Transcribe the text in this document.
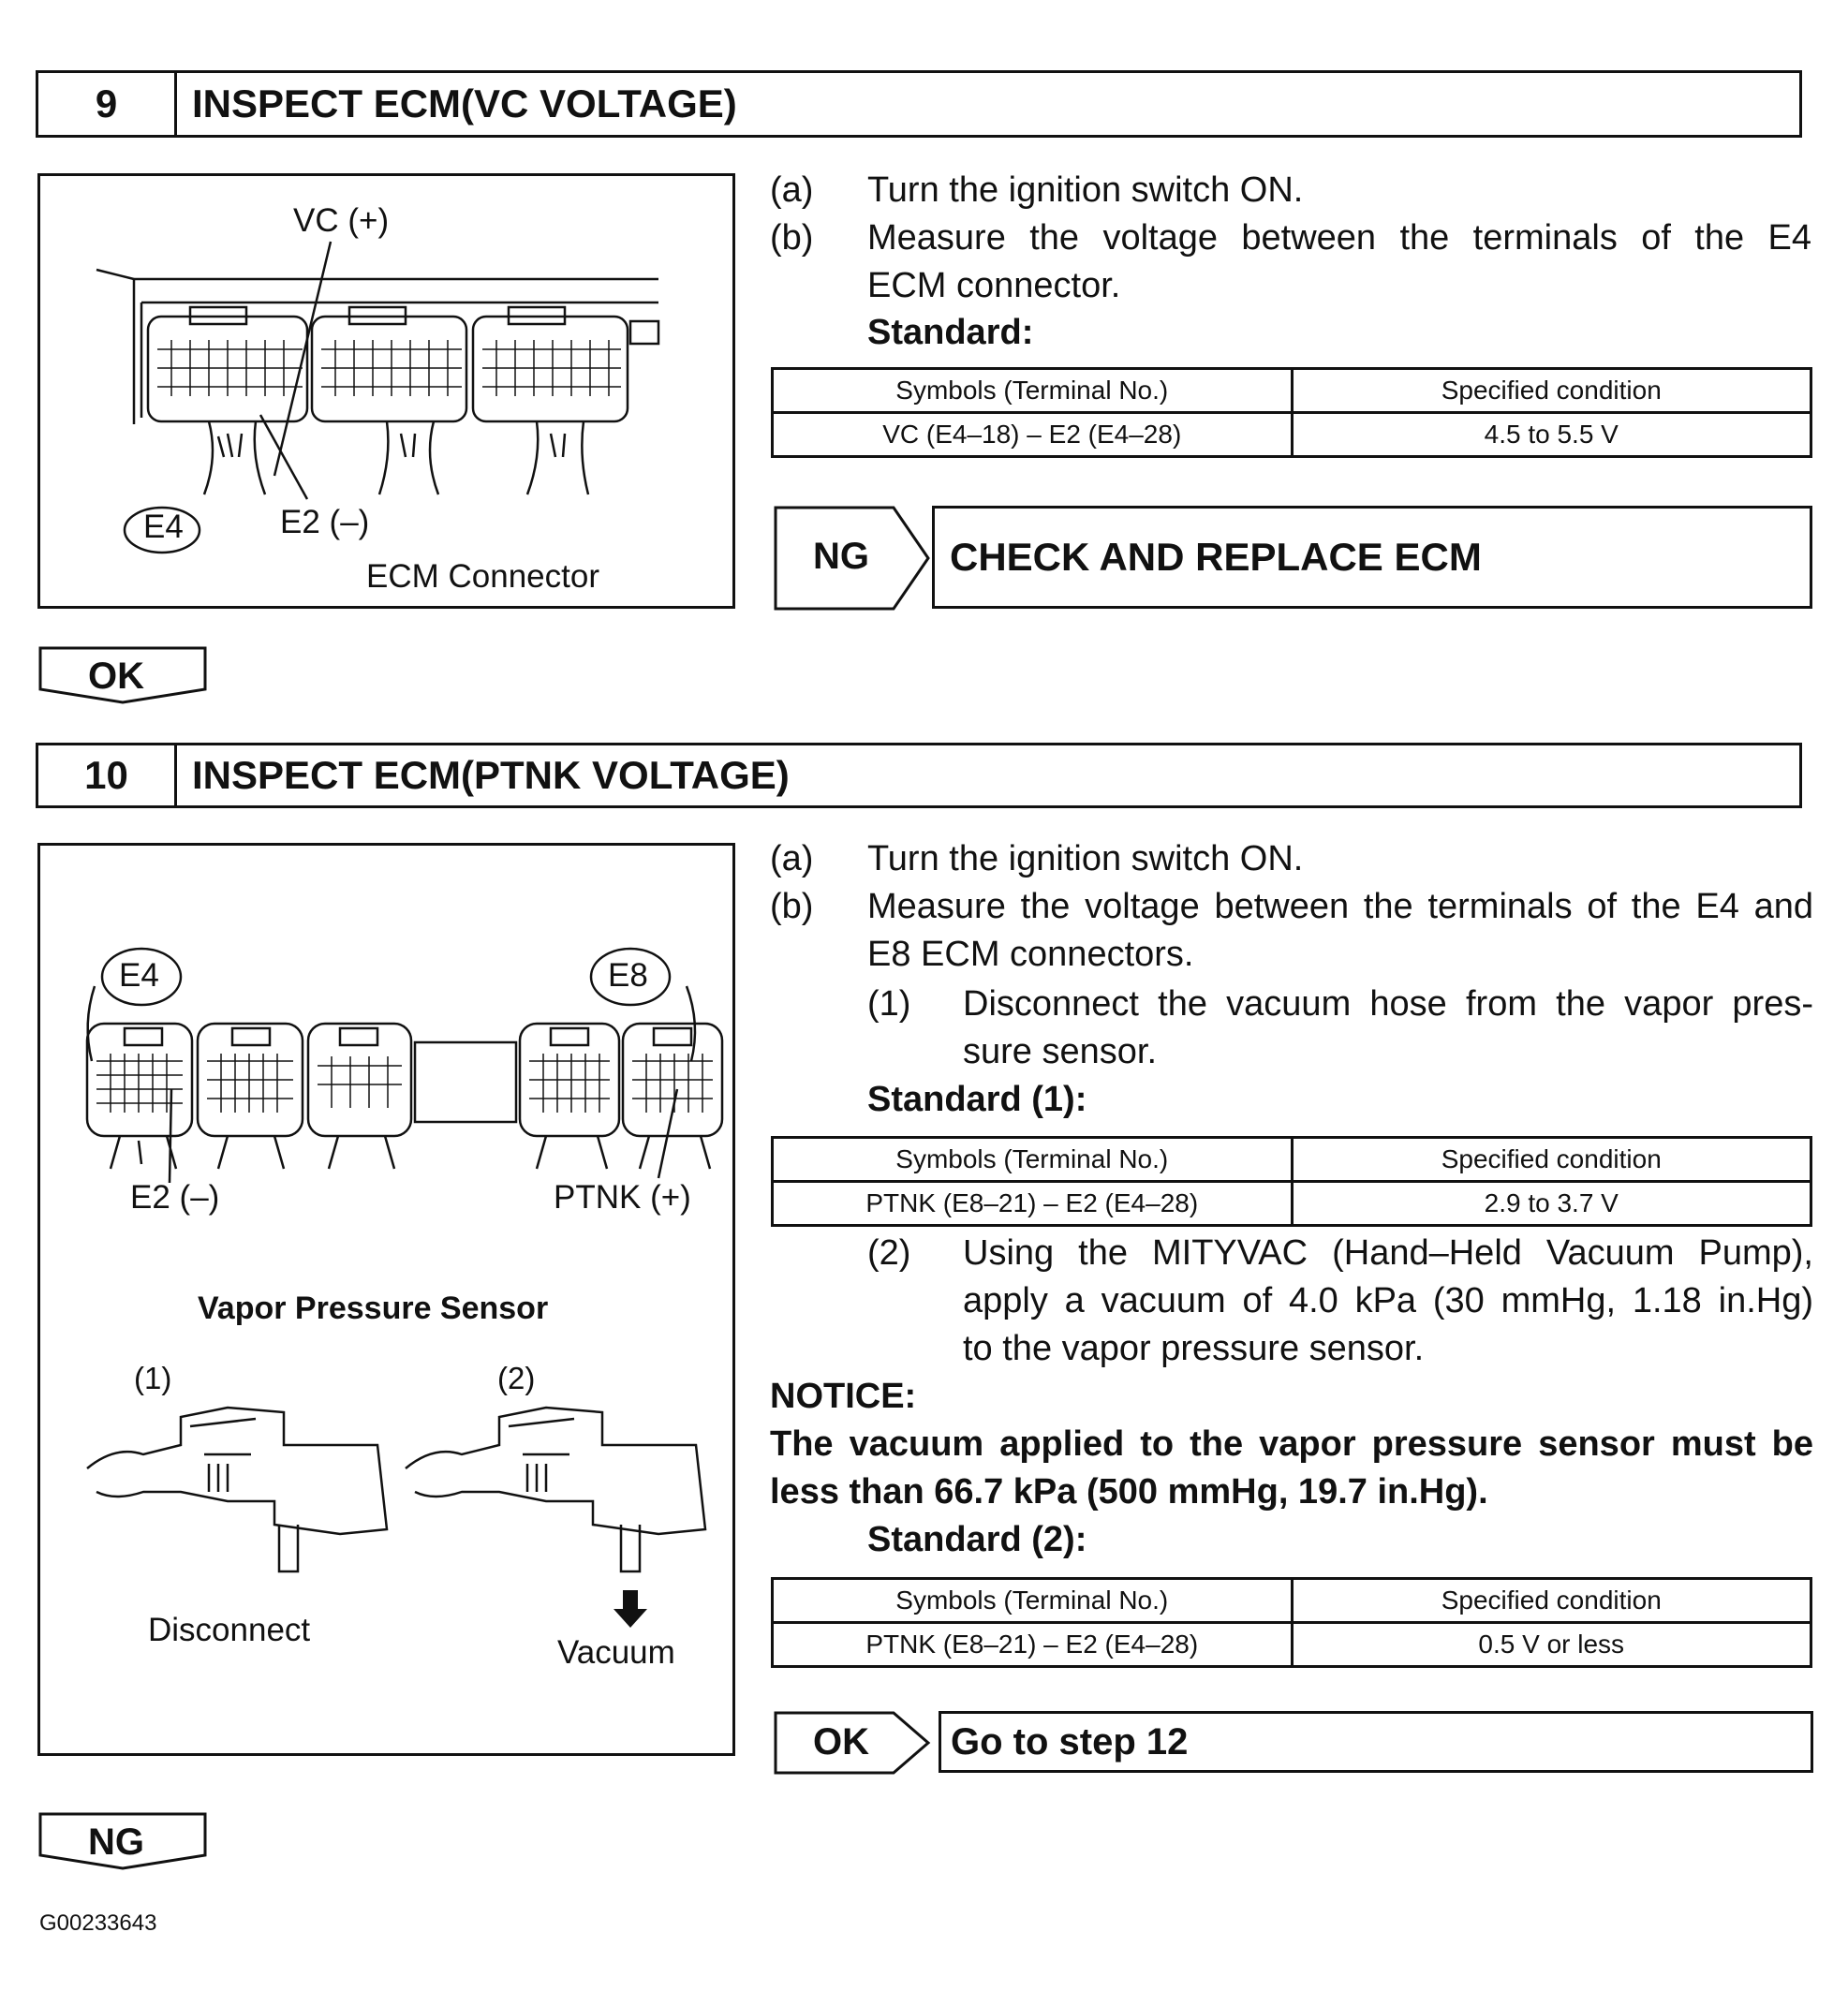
9	INSPECT ECM(VC VOLTAGE)
VC (+)
E4	E2 (–)
ECM Connector
(a) Turn the ignition switch ON.
(b) Measure the voltage between the terminals of the E4
ECM connector.
Standard:
Symbols (Terminal No.)	Specified condition
VC (E4–18) – E2 (E4–28)	4.5 to 5.5 V
NG CHECK AND REPLACE ECM
OK
10	INSPECT ECM(PTNK VOLTAGE)
E4	E8
E2 (–)	PTNK (+)
Vapor Pressure Sensor
(1)	(2)
Disconnect
Vacuum
(a) Turn the ignition switch ON.
(b) Measure the voltage between the terminals of the E4 and
E8 ECM connectors.
(1) Disconnect the vacuum hose from the vapor pres-
sure sensor.
Standard (1):
Symbols (Terminal No.)	Specified condition
PTNK (E8–21) – E2 (E4–28)	2.9 to 3.7 V
(2) Using the MITYVAC (Hand–Held Vacuum Pump),
apply a vacuum of 4.0 kPa (30 mmHg, 1.18 in.Hg)
to the vapor pressure sensor.
NOTICE:
The vacuum applied to the vapor pressure sensor must be
less than 66.7 kPa (500 mmHg, 19.7 in.Hg).
Standard (2):
Symbols (Terminal No.)	Specified condition
PTNK (E8–21) – E2 (E4–28)	0.5 V or less
OK Go to step 12
NG
G00233643
